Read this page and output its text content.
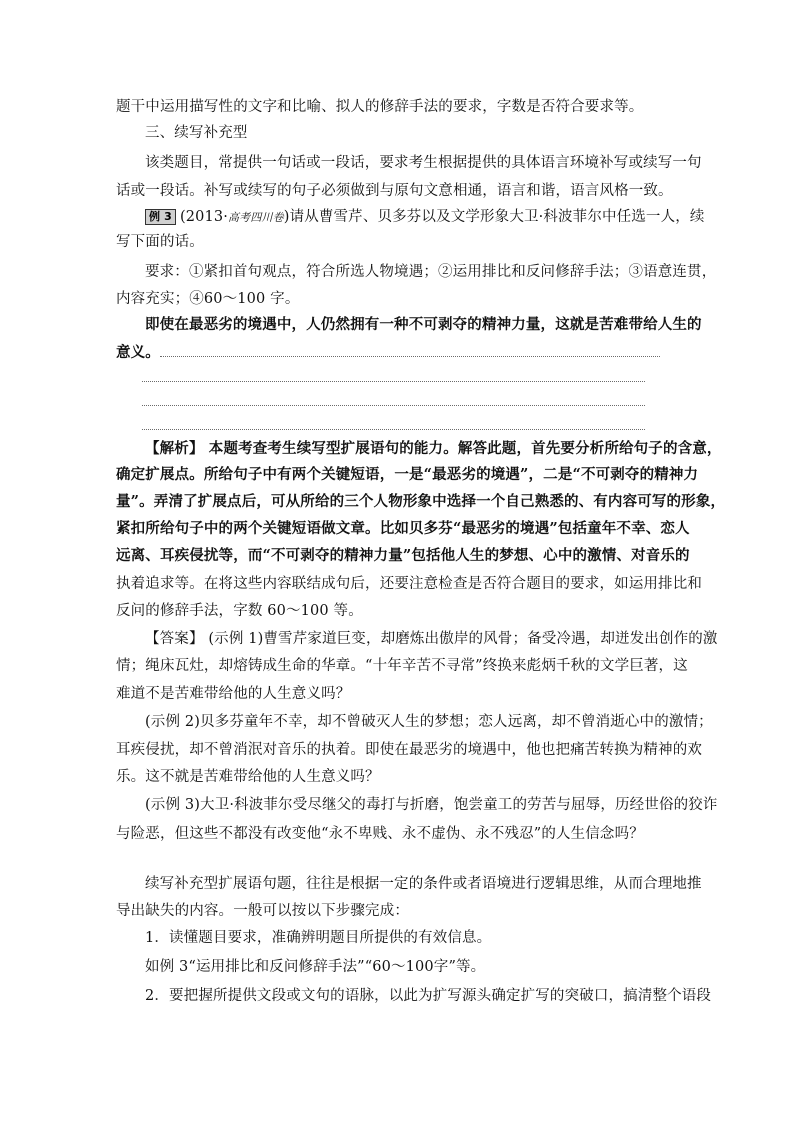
题干中运用描写性的文字和比喻、拟人的修辞手法的要求，字数是否符合要求等。

三、续写补充型

该类题目，常提供一句话或一段话，要求考生根据提供的具体语言环境补写或续写一句

话或一段话。补写或续写的句子必须做到与原句文意相通，语言和谐，语言风格一致。

例 3 (2013·高考四川卷)请从曹雪芹、贝多芬以及文学形象大卫·科波菲尔中任选一人，续

写下面的话。

要求：①紧扣首句观点，符合所选人物境遇；②运用排比和反问修辞手法；③语意连贯，

内容充实；④60～100 字。

即使在最恶劣的境遇中，人仍然拥有一种不可剥夺的精神力量，这就是苦难带给人生的

意义。

【解析】 本题考查考生续写型扩展语句的能力。解答此题，首先要分析所给句子的含意，

确定扩展点。所给句子中有两个关键短语，一是“最恶劣的境遇”，二是“不可剥夺的精神力

量”。弄清了扩展点后，可从所给的三个人物形象中选择一个自己熟悉的、有内容可写的形象，

紧扣所给句子中的两个关键短语做文章。比如贝多芬“最恶劣的境遇”包括童年不幸、恋人

远离、耳疾侵扰等，而“不可剥夺的精神力量”包括他人生的梦想、心中的激情、对音乐的

执着追求等。在将这些内容联结成句后，还要注意检查是否符合题目的要求，如运用排比和

反问的修辞手法，字数 60～100 等。

【答案】 (示例 1)曹雪芹家道巨变，却磨炼出傲岸的风骨；备受冷遇，却迸发出创作的激

情；绳床瓦灶，却熔铸成生命的华章。“十年辛苦不寻常”终换来彪炳千秋的文学巨著，这

难道不是苦难带给他的人生意义吗？

(示例 2)贝多芬童年不幸，却不曾破灭人生的梦想；恋人远离，却不曾消逝心中的激情；

耳疾侵扰，却不曾消泯对音乐的执着。即使在最恶劣的境遇中，他也把痛苦转换为精神的欢

乐。这不就是苦难带给他的人生意义吗？

(示例 3)大卫·科波菲尔受尽继父的毒打与折磨，饱尝童工的劳苦与屈辱，历经世俗的狡诈

与险恶，但这些不都没有改变他“永不卑贱、永不虚伪、永不残忍”的人生信念吗？

续写补充型扩展语句题，往往是根据一定的条件或者语境进行逻辑思维，从而合理地推

导出缺失的内容。一般可以按以下步骤完成：

1．读懂题目要求，准确辨明题目所提供的有效信息。

如例 3“运用排比和反问修辞手法”“60～100字”等。

2．要把握所提供文段或文句的语脉，以此为扩写源头确定扩写的突破口，搞清整个语段
